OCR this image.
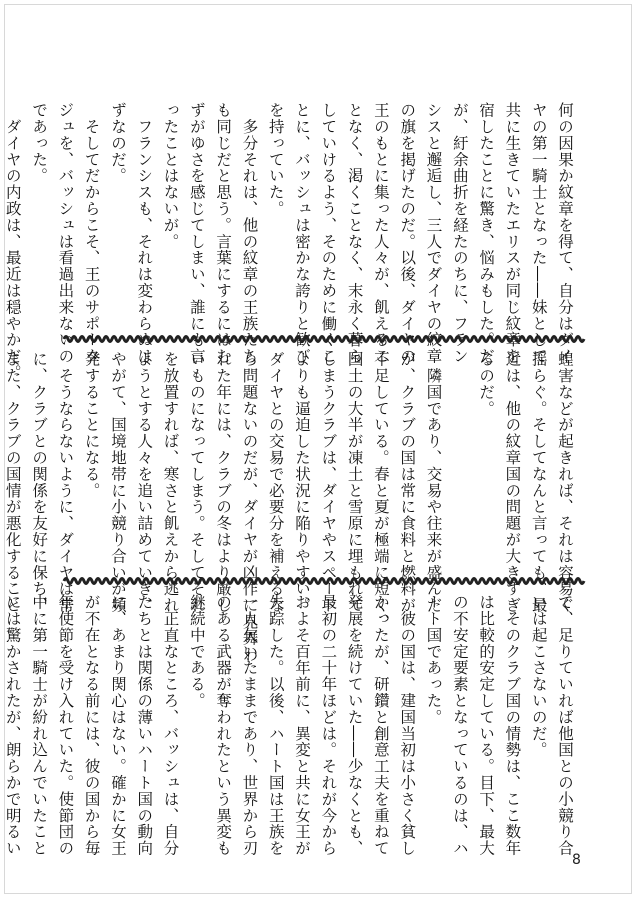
何の因果か紋章を得て、自分はダイ
ヤの第一騎士となった――妹として
共に生きていたエリスが同じ紋章を
宿したことに驚き、悩みもした。だ
が、紆余曲折を経たのちに、フラン
シスと邂逅し、三人でダイヤの紋章
の旗を掲げたのだ。以後、ダイヤの
王のもとに集った人々が、飢えるこ
となく、渇くことなく、末永く暮ら
していけるよう、そのために働くこ
とに、バッシュは密かな誇りと歓び
を持っていた。
　多分それは、他の紋章の王族たち
も同じだと思う。言葉にするにはむ
ずがゆさを感じてしまい、誰にも言
ったことはないが。
　フランシスも、それは変わらぬは
ずなのだ。
　そしてだからこそ、王のサポータ
ジュを、バッシュは看過出来ないの
であった。
　ダイヤの内政は、最近は穏やかだ。
蝗害などが起きれば、それは容易く
揺らぐ。そしてなんと言っても、最
近は、他の紋章国の問題が大きすぎ
るのだ。
　隣国であり、交易や往来が盛んだ
が、クラブの国は常に食料と燃料が
不足している。春と夏が極端に短く、
国土の大半が凍土と雪原に埋もれて
しまうクラブは、ダイヤやスペード
よりも逼迫した状況に陥りやすい。
ダイヤとの交易で必要分を補えるな
ら問題ないのだが、ダイヤが凶作に見舞わ
れた年には、クラブの冬はより厳し
いものになってしまう。そしてそれ
を放置すれば、寒さと飢えから逃れ
ようとする人々を追い詰めていき、
やがて、国境地帯に小競り合いが頻
発することになる。
　そうならないように、ダイヤは常
に、クラブとの関係を友好に保ち、
また、クラブの国情が悪化すること
で、足りていれば他国との小競り合
いは起こさないのだ。
　そのクラブ国の情勢は、ここ数年
は比較的安定している。目下、最大
の不安定要素となっているのは、ハ
ート国であった。
　彼の国は、建国当初は小さく貧し
かったが、研鑽と創意工夫を重ねて
発展を続けていた――少なくとも、
最初の二十年ほどは。それが今から
およそ百年前に、異変と共に女王が
失踪した。以後、ハート国は王族を
一人欠いたままであり、世界から刃
のある武器が奪われたという異変も
継続中である。
　正直なところ、バッシュは、自分
たちとは関係の薄いハート国の動向
に、あまり関心はない。確かに女王
が不在となる前には、彼の国から毎
年使節を受け入れていた。使節団の
中に第一騎士が紛れ込んでいたこと
には驚かされたが、朗らかで明るい
8
